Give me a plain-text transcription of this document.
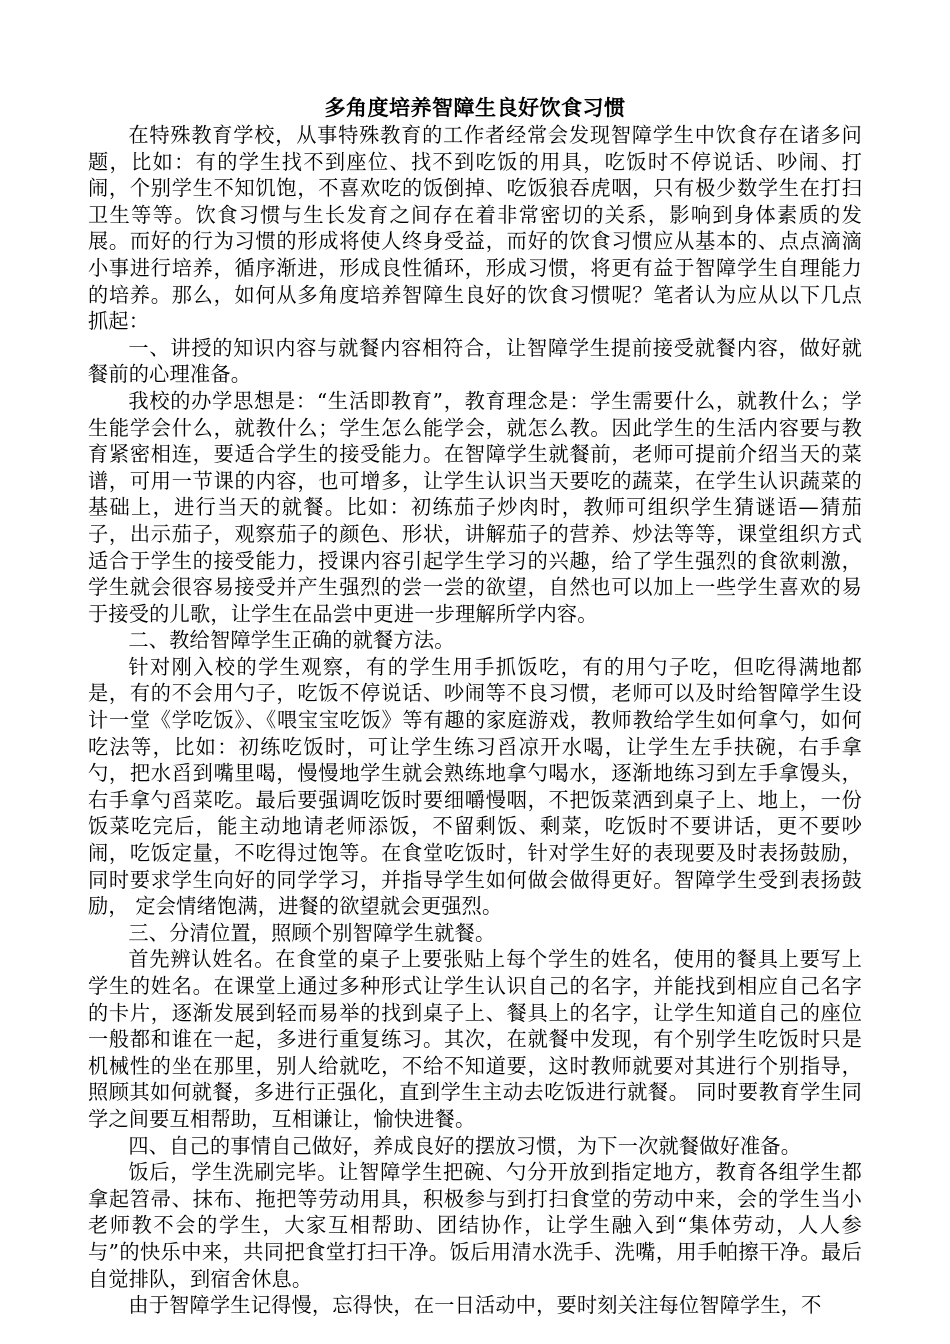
多角度培养智障生良好饮食习惯

在特殊教育学校，从事特殊教育的工作者经常会发现智障学生中饮食存在诸多问题，比如：有的学生找不到座位、找不到吃饭的用具，吃饭时不停说话、吵闹、打闹，个别学生不知饥饱，不喜欢吃的饭倒掉、吃饭狼吞虎咽，只有极少数学生在打扫卫生等等。饮食习惯与生长发育之间存在着非常密切的关系，影响到身体素质的发展。而好的行为习惯的形成将使人终身受益，而好的饮食习惯应从基本的、点点滴滴小事进行培养，循序渐进，形成良性循环，形成习惯，将更有益于智障学生自理能力的培养。那么，如何从多角度培养智障生良好的饮食习惯呢？笔者认为应从以下几点抓起：

一、讲授的知识内容与就餐内容相符合，让智障学生提前接受就餐内容，做好就餐前的心理准备。

我校的办学思想是：“生活即教育”，教育理念是：学生需要什么，就教什么；学生能学会什么，就教什么；学生怎么能学会，就怎么教。因此学生的生活内容要与教育紧密相连，要适合学生的接受能力。在智障学生就餐前，老师可提前介绍当天的菜谱，可用一节课的内容，也可增多，让学生认识当天要吃的蔬菜，在学生认识蔬菜的基础上，进行当天的就餐。比如：初练茄子炒肉时，教师可组织学生猜谜语—猜茄子，出示茄子，观察茄子的颜色、形状，讲解茄子的营养、炒法等等，课堂组织方式适合于学生的接受能力，授课内容引起学生学习的兴趣，给了学生强烈的食欲刺激，学生就会很容易接受并产生强烈的尝一尝的欲望，自然也可以加上一些学生喜欢的易于接受的儿歌，让学生在品尝中更进一步理解所学内容。

二、教给智障学生正确的就餐方法。

针对刚入校的学生观察，有的学生用手抓饭吃，有的用勺子吃，但吃得满地都是，有的不会用勺子，吃饭不停说话、吵闹等不良习惯，老师可以及时给智障学生设计一堂《学吃饭》、《喂宝宝吃饭》等有趣的家庭游戏，教师教给学生如何拿勺，如何吃法等，比如：初练吃饭时，可让学生练习舀凉开水喝，让学生左手扶碗，右手拿勺，把水舀到嘴里喝，慢慢地学生就会熟练地拿勺喝水，逐渐地练习到左手拿馒头，右手拿勺舀菜吃。最后要强调吃饭时要细嚼慢咽，不把饭菜洒到桌子上、地上，一份饭菜吃完后，能主动地请老师添饭，不留剩饭、剩菜，吃饭时不要讲话，更不要吵闹，吃饭定量，不吃得过饱等。在食堂吃饭时，针对学生好的表现要及时表扬鼓励，同时要求学生向好的同学学习，并指导学生如何做会做得更好。智障学生受到表扬鼓励， 定会情绪饱满，进餐的欲望就会更强烈。

三、分清位置，照顾个别智障学生就餐。

首先辨认姓名。在食堂的桌子上要张贴上每个学生的姓名，使用的餐具上要写上学生的姓名。在课堂上通过多种形式让学生认识自己的名字，并能找到相应自己名字的卡片，逐渐发展到轻而易举的找到桌子上、餐具上的名字，让学生知道自己的座位一般都和谁在一起，多进行重复练习。其次，在就餐中发现，有个别学生吃饭时只是机械性的坐在那里，别人给就吃，不给不知道要，这时教师就要对其进行个别指导，照顾其如何就餐，多进行正强化，直到学生主动去吃饭进行就餐。 同时要教育学生同学之间要互相帮助，互相谦让，愉快进餐。

四、自己的事情自己做好，养成良好的摆放习惯，为下一次就餐做好准备。

饭后，学生洗刷完毕。让智障学生把碗、勺分开放到指定地方，教育各组学生都拿起笤帚、抹布、拖把等劳动用具，积极参与到打扫食堂的劳动中来，会的学生当小老师教不会的学生，大家互相帮助、团结协作，让学生融入到“集体劳动，人人参与”的快乐中来，共同把食堂打扫干净。饭后用清水洗手、洗嘴，用手帕擦干净。最后自觉排队，到宿舍休息。

由于智障学生记得慢，忘得快，在一日活动中，要时刻关注每位智障学生，不
